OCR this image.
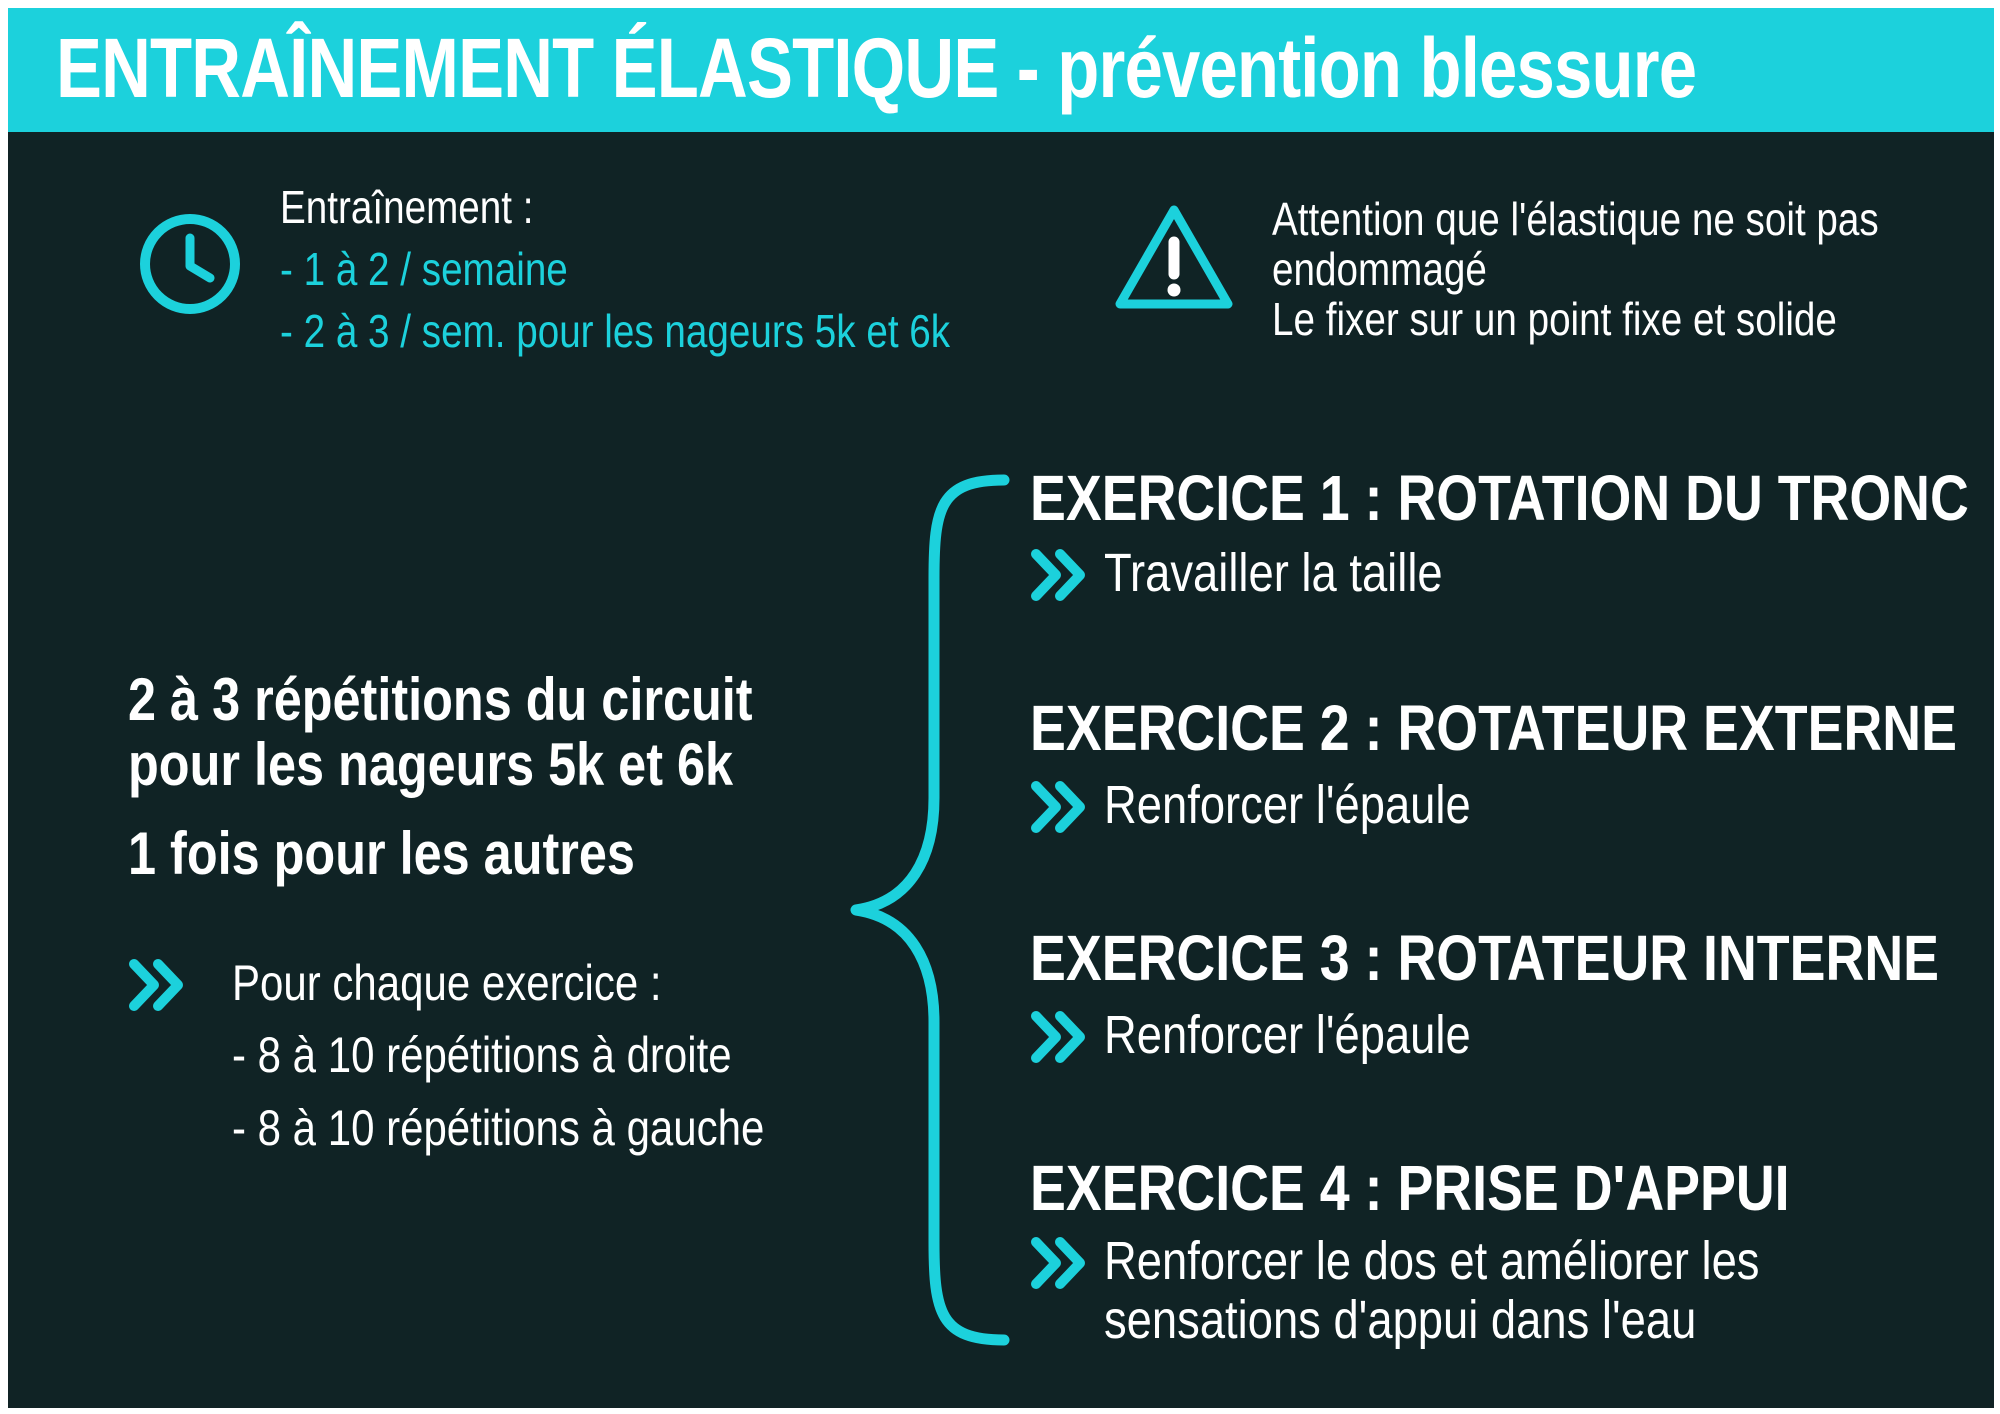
ENTRAÎNEMENT ÉLASTIQUE - prévention blessure
Entraînement :
- 1 à 2 / semaine
- 2 à 3 / sem. pour les nageurs 5k et 6k
Attention que l'élastique ne soit pas
endommagé
Le fixer sur un point fixe et solide
2 à 3 répétitions du circuit
pour les nageurs 5k et 6k
1 fois pour les autres
Pour chaque exercice :
- 8 à 10 répétitions à droite
- 8 à 10 répétitions à gauche
EXERCICE 1 : ROTATION DU TRONC
Travailler la taille
EXERCICE 2 : ROTATEUR EXTERNE
Renforcer l'épaule
EXERCICE 3 : ROTATEUR INTERNE
Renforcer l'épaule
EXERCICE 4 : PRISE D'APPUI
Renforcer le dos et améliorer les
sensations d'appui dans l'eau
